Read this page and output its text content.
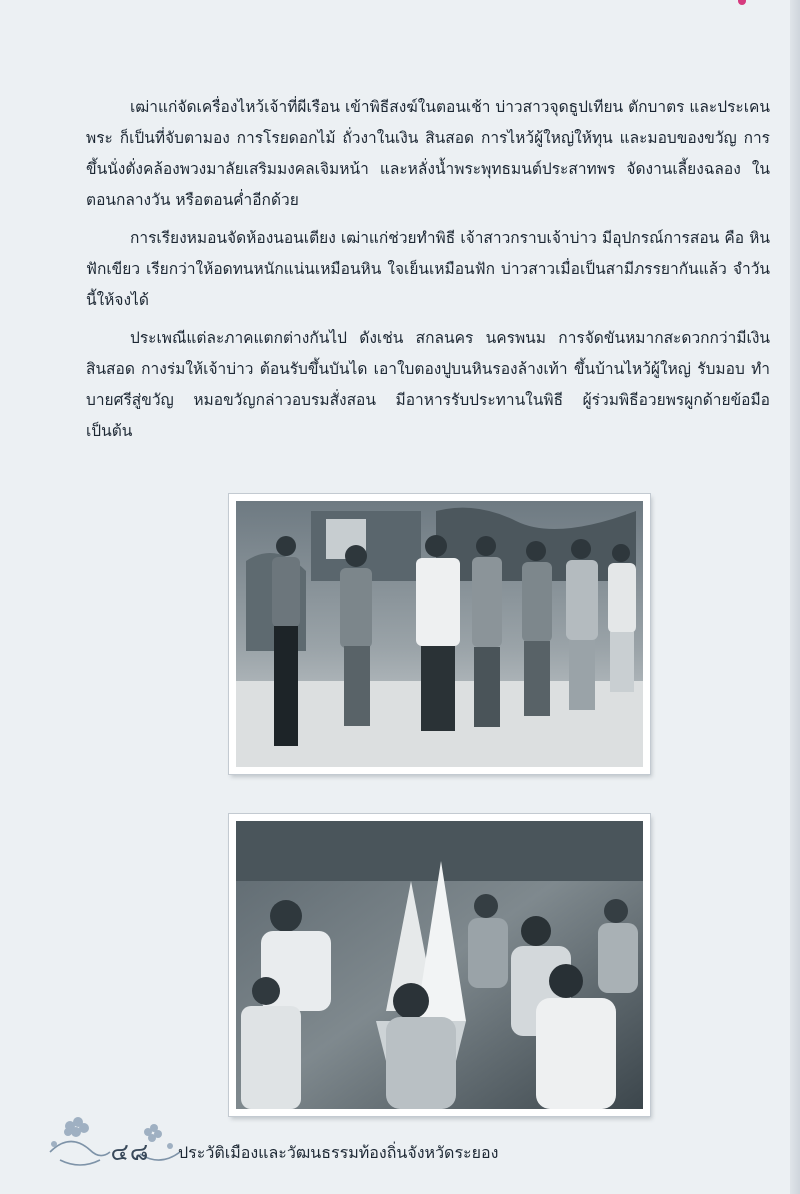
เฒ่าแก่จัดเครื่องไหว้เจ้าที่ผีเรือน เข้าพิธีสงฆ์ในตอนเช้า บ่าวสาวจุดธูปเทียน ตักบาตร และประเคนพระ ก็เป็นที่จับตามอง การโรยดอกไม้ ถั่วงาในเงิน สินสอด การไหว้ผู้ใหญ่ให้ทุน และมอบของขวัญ การขึ้นนั่งตั่งคล้องพวงมาลัยเสริมมงคลเจิมหน้า และหลั่งน้ำพระพุทธมนต์ประสาทพร จัดงานเลี้ยงฉลอง ในตอนกลางวัน หรือตอนค่ำอีกด้วย

การเรียงหมอนจัดห้องนอนเตียง เฒ่าแก่ช่วยทำพิธี เจ้าสาวกราบเจ้าบ่าว มีอุปกรณ์การสอน คือ หิน ฟักเขียว เรียกว่าให้อดทนหนักแน่นเหมือนหิน ใจเย็นเหมือนฟัก บ่าวสาวเมื่อเป็นสามีภรรยากันแล้ว จำวันนี้ให้จงได้

ประเพณีแต่ละภาคแตกต่างกันไป ดังเช่น สกลนคร นครพนม การจัดขันหมากสะดวกกว่ามีเงิน สินสอด กางร่มให้เจ้าบ่าว ต้อนรับขึ้นบันได เอาใบตองปูบนหินรองล้างเท้า ขึ้นบ้านไหว้ผู้ใหญ่ รับมอบ ทำบายศรีสู่ขวัญ หมอขวัญกล่าวอบรมสั่งสอน มีอาหารรับประทานในพิธี ผู้ร่วมพิธีอวยพรผูกด้ายข้อมือ เป็นต้น

๔๘	ประวัติเมืองและวัฒนธรรมท้องถิ่นจังหวัดระยอง
